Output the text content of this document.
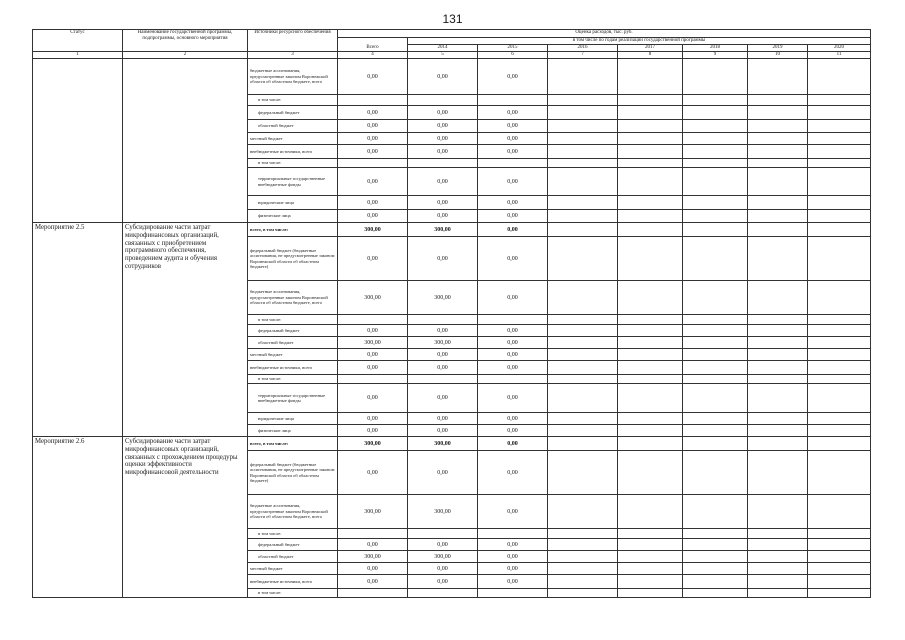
131
Статус	Наименование государственной программы, подпрограммы, основного мероприятия	Источники ресурсного обеспечения	Оценка расходов, тыс. руб.							
			Всего	в том числе по годам реализации государственной программы						
				2014	2015	2016	2017	2018	2019	2020
1	2	3	4	5	6	7	8	9	10	11
		бюджетные ассигнования, предусмотренные законом Воронежской области об областном бюджете, всего	0,00	0,00	0,00					
		в том числе:								
		федеральный бюджет	0,00	0,00	0,00					
		областной бюджет	0,00	0,00	0,00					
		местный бюджет	0,00	0,00	0,00					
		внебюджетные источники, всего	0,00	0,00	0,00					
		в том числе:								
		территориальные государственные внебюджетные фонды	0,00	0,00	0,00					
		юридические лица	0,00	0,00	0,00					
		физические лица	0,00	0,00	0,00					
Мероприятие 2.5	Субсидирование части затрат микрофинансовых организаций, связанных с приобретением программного обеспечения, проведением аудита и обучения сотрудников	всего, в том числе:	300,00	300,00	0,00					
		федеральный бюджет (бюджетные ассигнования, не предусмотренные законом Воронежской области об областном бюджете)	0,00	0,00	0,00					
		бюджетные ассигнования, предусмотренные законом Воронежской области об областном бюджете, всего	300,00	300,00	0,00					
		в том числе:								
		федеральный бюджет	0,00	0,00	0,00					
		областной бюджет	300,00	300,00	0,00					
		местный бюджет	0,00	0,00	0,00					
		внебюджетные источники, всего	0,00	0,00	0,00					
		в том числе:								
		территориальные государственные внебюджетные фонды	0,00	0,00	0,00					
		юридические лица	0,00	0,00	0,00					
		физические лица	0,00	0,00	0,00					
Мероприятие 2.6	Субсидирование части затрат микрофинансовых организаций, связанных с прохождением процедуры оценки эффективности микрофинансовой деятельности	всего, в том числе:	300,00	300,00	0,00					
		федеральный бюджет (бюджетные ассигнования, не предусмотренные законом Воронежской области об областном бюджете)	0,00	0,00	0,00					
		бюджетные ассигнования, предусмотренные законом Воронежской области об областном бюджете, всего	300,00	300,00	0,00					
		в том числе:								
		федеральный бюджет	0,00	0,00	0,00					
		областной бюджет	300,00	300,00	0,00					
		местный бюджет	0,00	0,00	0,00					
		внебюджетные источники, всего	0,00	0,00	0,00					
		в том числе:								
